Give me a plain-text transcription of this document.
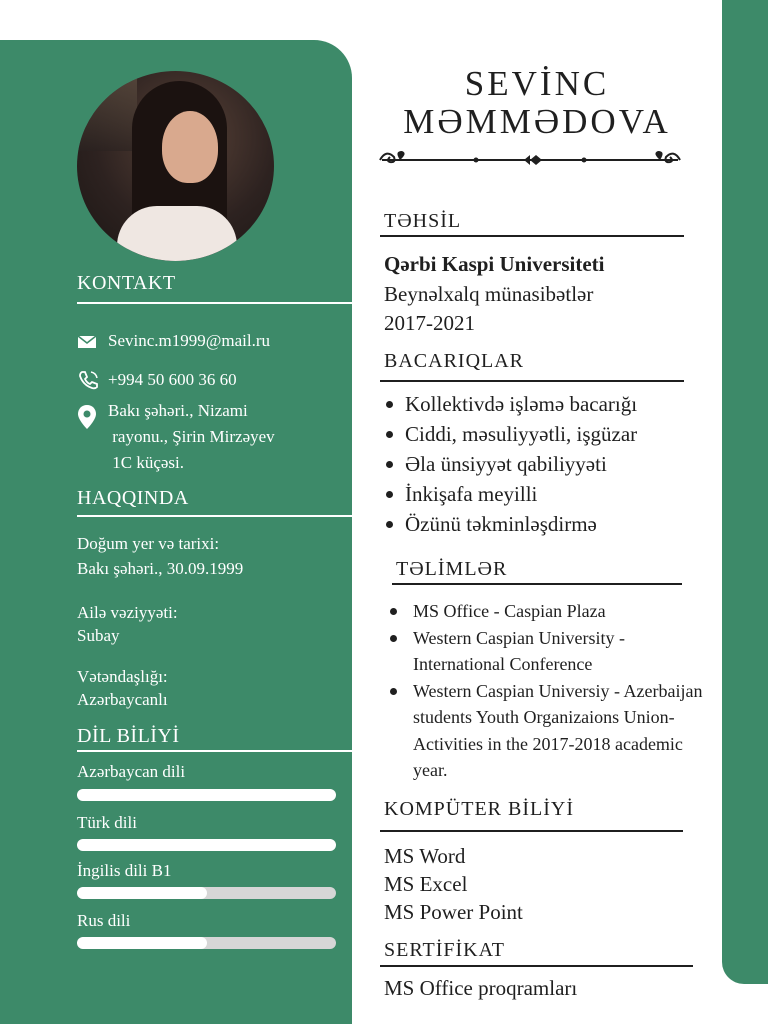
KONTAKT
Sevinc.m1999@mail.ru
+994 50 600 36 60
Bakı şəhəri., Nizami
rayonu., Şirin Mirzəyev
1C küçəsi.
HAQQINDA
Doğum yer və tarixi:
Bakı şəhəri., 30.09.1999
Ailə vəziyyəti:
Subay
Vətəndaşlığı:
Azərbaycanlı
DİL BİLİYİ
Azərbaycan dili
Türk dili
İngilis dili B1
Rus dili
SEVİNC
MƏMMƏDOVA
TƏHSİL
Qərbi Kaspi Universiteti
Beynəlxalq münasibətlər
2017-2021
BACARIQLAR
Kollektivdə işləmə bacarığı
Ciddi, məsuliyyətli, işgüzar
Əla ünsiyyət qabiliyyəti
İnkişafa meyilli
Özünü təkminləşdirmə
TƏLİMLƏR
MS Office - Caspian Plaza
Western Caspian University - International Conference
Western Caspian Universiy - Azerbaijan students Youth Organizaions Union-Activities in the 2017-2018 academic year.
KOMPÜTER BİLİYİ
MS Word
MS Excel
MS Power Point
SERTİFİKAT
MS Office proqramları
